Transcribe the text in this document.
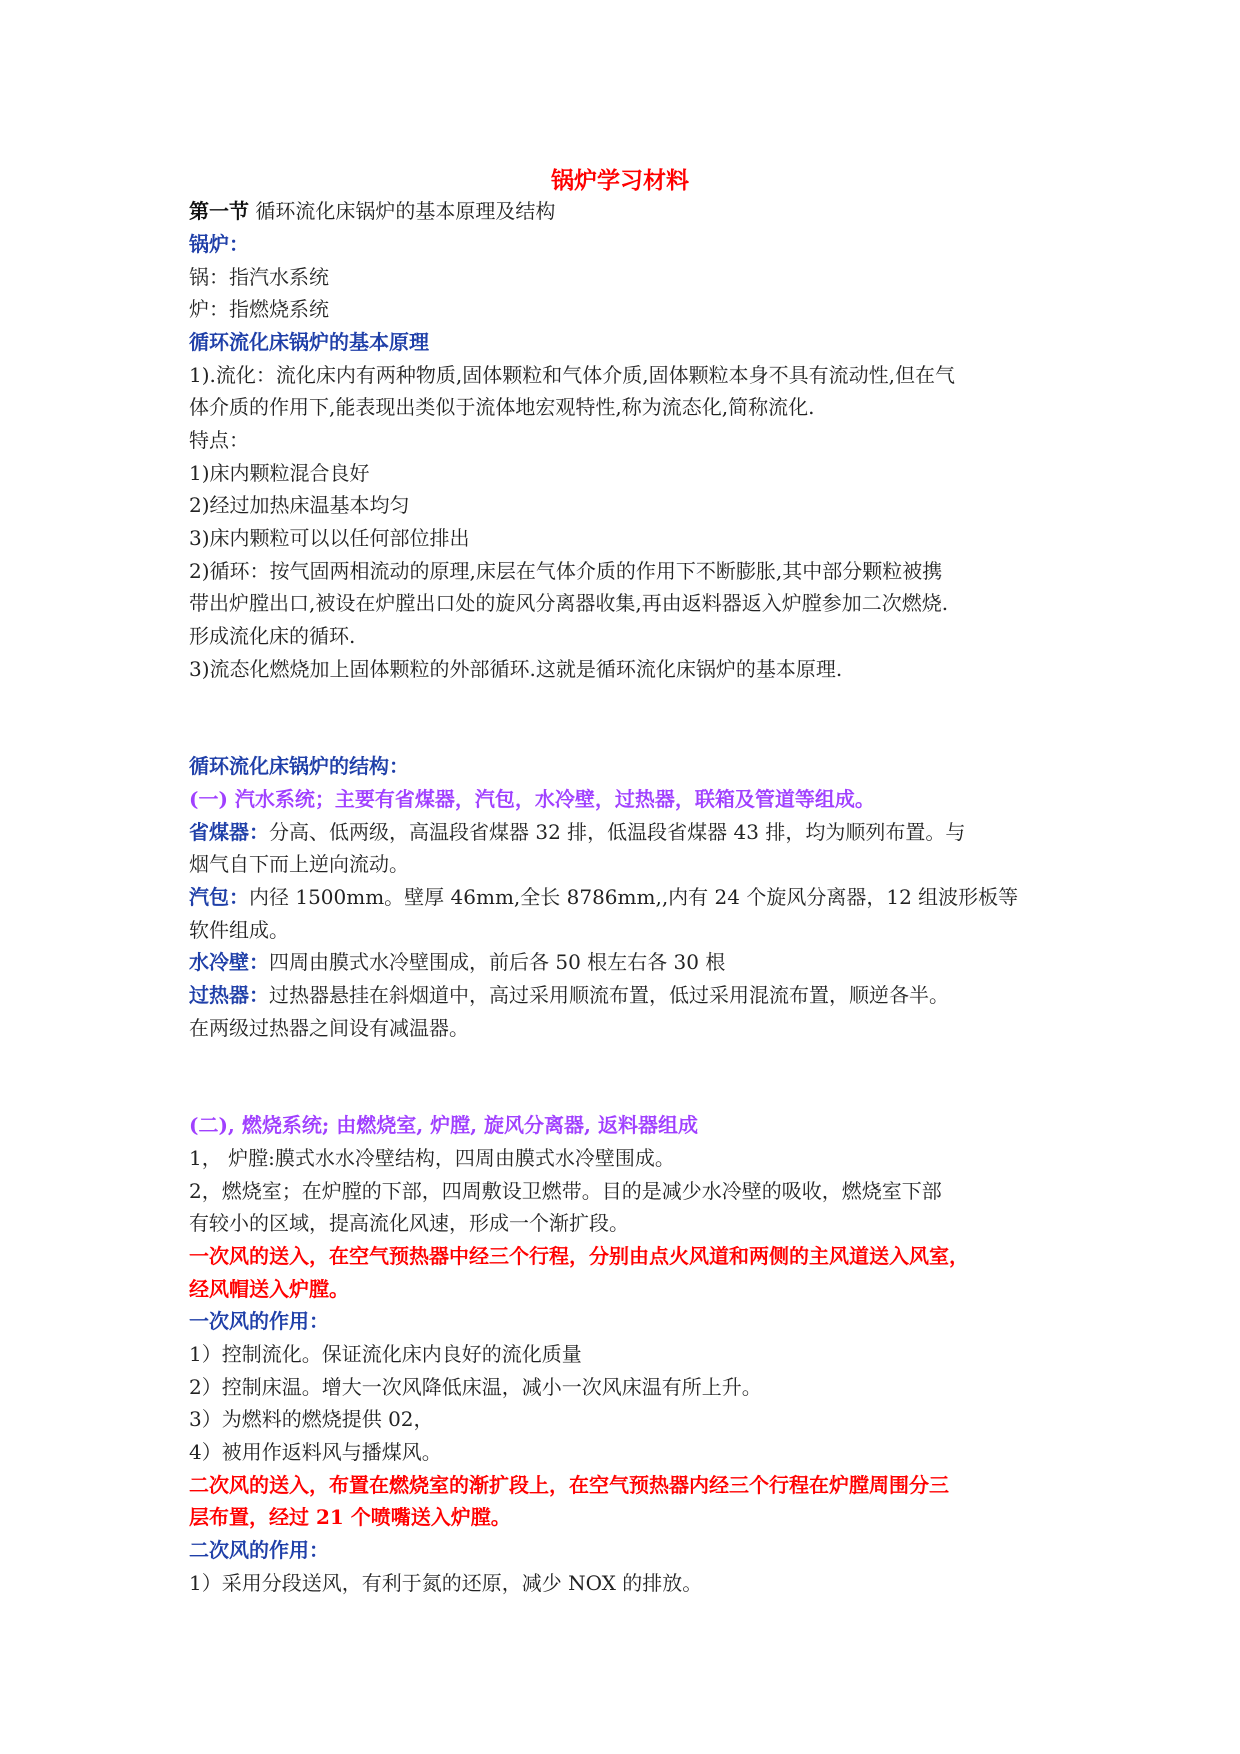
锅炉学习材料
第一节 循环流化床锅炉的基本原理及结构
锅炉：
锅：指汽水系统
炉：指燃烧系统
循环流化床锅炉的基本原理
1).流化：流化床内有两种物质,固体颗粒和气体介质,固体颗粒本身不具有流动性,但在气
体介质的作用下,能表现出类似于流体地宏观特性,称为流态化,简称流化.
特点：
1)床内颗粒混合良好
2)经过加热床温基本均匀
3)床内颗粒可以以任何部位排出
2)循环：按气固两相流动的原理,床层在气体介质的作用下不断膨胀,其中部分颗粒被携
带出炉膛出口,被设在炉膛出口处的旋风分离器收集,再由返料器返入炉膛参加二次燃烧.
形成流化床的循环.
3)流态化燃烧加上固体颗粒的外部循环.这就是循环流化床锅炉的基本原理.
循环流化床锅炉的结构：
(一) 汽水系统；主要有省煤器，汽包，水冷壁，过热器，联箱及管道等组成。
省煤器：分高、低两级，高温段省煤器 32 排，低温段省煤器 43 排，均为顺列布置。与
烟气自下而上逆向流动。
汽包：内径 1500mm。壁厚 46mm,全长 8786mm,,内有 24 个旋风分离器，12 组波形板等
软件组成。
水冷壁：四周由膜式水冷壁围成，前后各 50 根左右各 30 根
过热器：过热器悬挂在斜烟道中，高过采用顺流布置，低过采用混流布置，顺逆各半。
在两级过热器之间设有减温器。
(二), 燃烧系统; 由燃烧室, 炉膛, 旋风分离器, 返料器组成
1， 炉膛:膜式水水冷壁结构，四周由膜式水冷壁围成。
2，燃烧室；在炉膛的下部，四周敷设卫燃带。目的是减少水冷壁的吸收，燃烧室下部
有较小的区域，提高流化风速，形成一个渐扩段。
一次风的送入，在空气预热器中经三个行程，分别由点火风道和两侧的主风道送入风室，
经风帽送入炉膛。
一次风的作用：
1）控制流化。保证流化床内良好的流化质量
2）控制床温。增大一次风降低床温，减小一次风床温有所上升。
3）为燃料的燃烧提供 02，
4）被用作返料风与播煤风。
二次风的送入，布置在燃烧室的渐扩段上，在空气预热器内经三个行程在炉膛周围分三
层布置，经过 21 个喷嘴送入炉膛。
二次风的作用：
1）采用分段送风，有利于氮的还原，减少 NOX 的排放。
